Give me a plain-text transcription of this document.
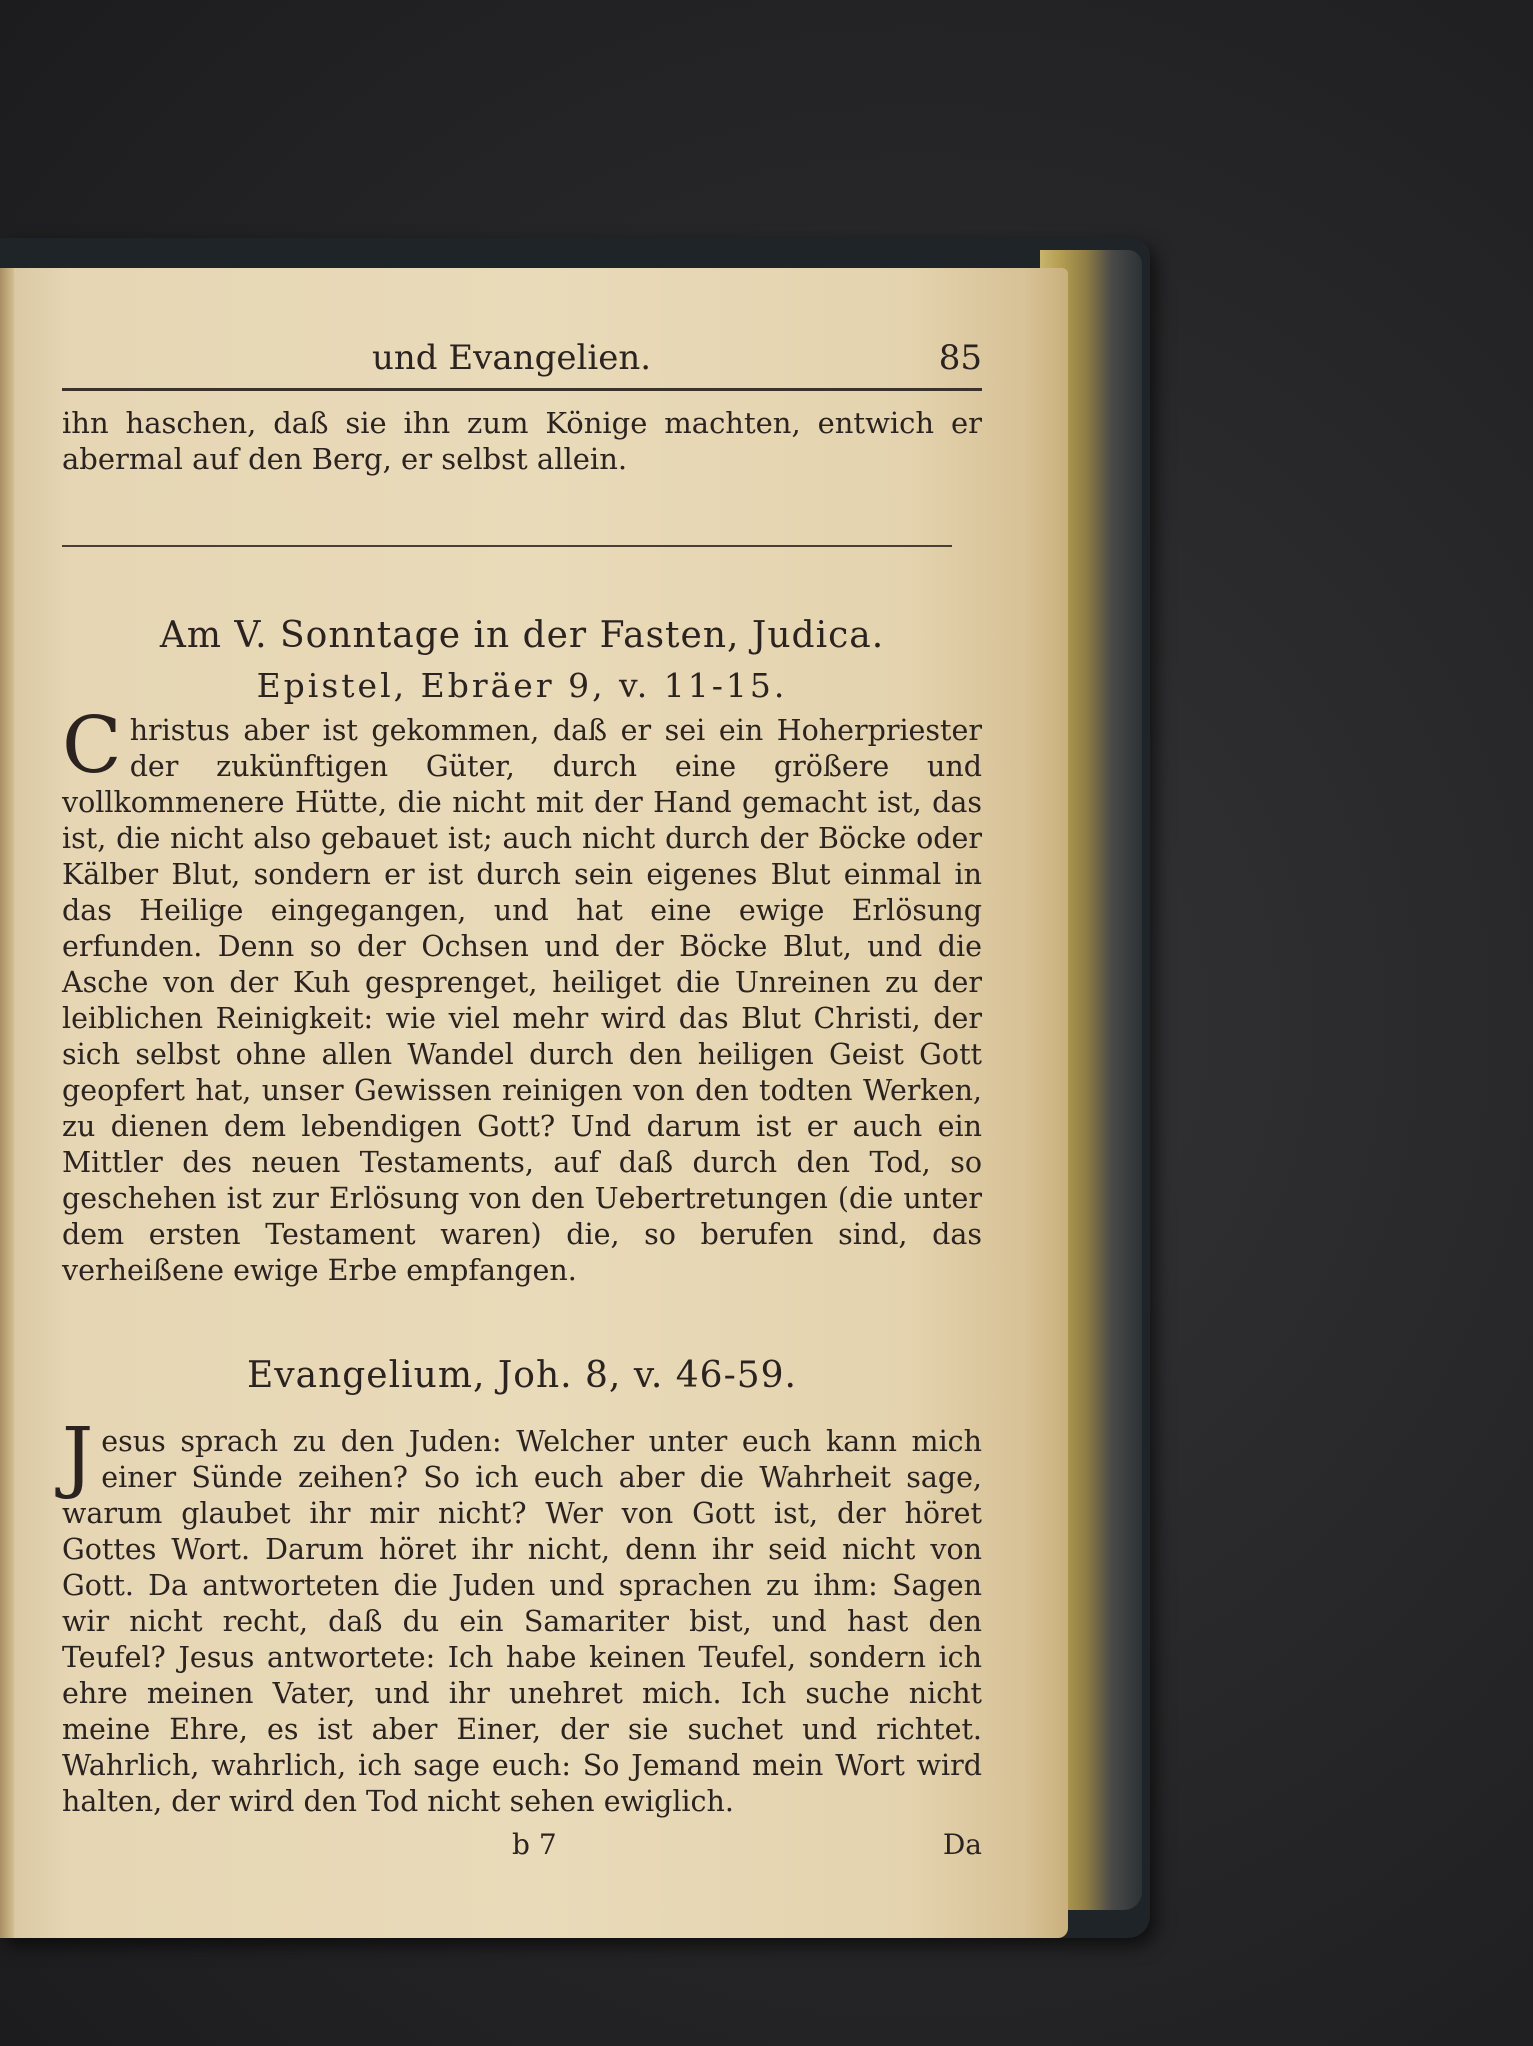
und Evangelien.	85
ihn haschen, daß sie ihn zum Könige machten, entwich er abermal auf den Berg, er selbst allein.
Am V. Sonntage in der Fasten, Judica.
Epistel, Ebräer 9, v. 11-15.
Christus aber ist gekommen, daß er sei ein Hoherpriester der zukünftigen Güter, durch eine größere und vollkommenere Hütte, die nicht mit der Hand gemacht ist, das ist, die nicht also gebauet ist; auch nicht durch der Böcke oder Kälber Blut, sondern er ist durch sein eigenes Blut einmal in das Heilige eingegangen, und hat eine ewige Erlösung erfunden. Denn so der Ochsen und der Böcke Blut, und die Asche von der Kuh gesprenget, heiliget die Unreinen zu der leiblichen Reinigkeit: wie viel mehr wird das Blut Christi, der sich selbst ohne allen Wandel durch den heiligen Geist Gott geopfert hat, unser Gewissen reinigen von den todten Werken, zu dienen dem lebendigen Gott? Und darum ist er auch ein Mittler des neuen Testaments, auf daß durch den Tod, so geschehen ist zur Erlösung von den Uebertretungen (die unter dem ersten Testament waren) die, so berufen sind, das verheißene ewige Erbe empfangen.
Evangelium, Joh. 8, v. 46-59.
Jesus sprach zu den Juden: Welcher unter euch kann mich einer Sünde zeihen? So ich euch aber die Wahrheit sage, warum glaubet ihr mir nicht? Wer von Gott ist, der höret Gottes Wort. Darum höret ihr nicht, denn ihr seid nicht von Gott. Da antworteten die Juden und sprachen zu ihm: Sagen wir nicht recht, daß du ein Samariter bist, und hast den Teufel? Jesus antwortete: Ich habe keinen Teufel, sondern ich ehre meinen Vater, und ihr unehret mich. Ich suche nicht meine Ehre, es ist aber Einer, der sie suchet und richtet. Wahrlich, wahrlich, ich sage euch: So Jemand mein Wort wird halten, der wird den Tod nicht sehen ewiglich.
b 7	Da
